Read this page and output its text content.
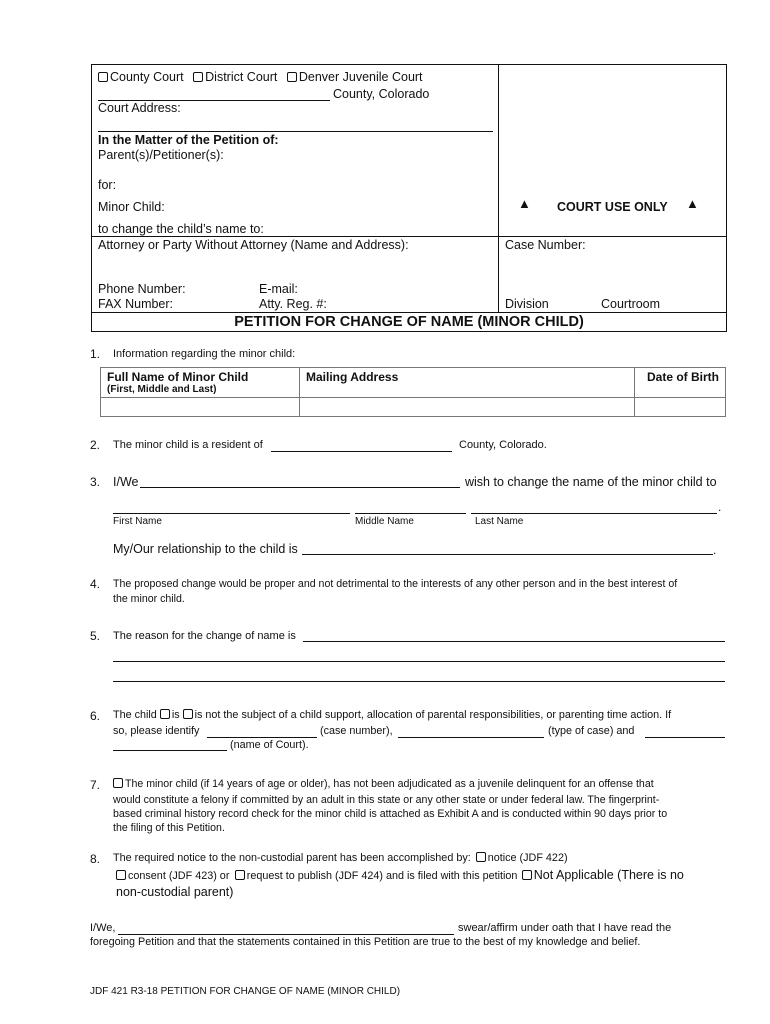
County Court District Court Denver Juvenile Court
County, Colorado
Court Address:
In the Matter of the Petition of:
Parent(s)/Petitioner(s):
for:
Minor Child:
to change the child’s name to:
Attorney or Party Without Attorney (Name and Address):
Phone Number:	E-mail:
FAX Number:	Atty. Reg. #:
▲ COURT USE ONLY ▲
Case Number:
Division	Courtroom
PETITION FOR CHANGE OF NAME (MINOR CHILD)
1. Information regarding the minor child:
Full Name of Minor Child
(First, Middle and Last)	Mailing Address	Date of Birth

2. The minor child is a resident of	County, Colorado.
3. I/We	wish to change the name of the minor child to
.
First Name	Middle Name	Last Name
My/Our relationship to the child is	.
4. The proposed change would be proper and not detrimental to the interests of any other person and in the best interest of
the minor child.
5. The reason for the change of name is
6. The child is is not the subject of a child support, allocation of parental responsibilities, or parenting time action. If
so, please identify	(case number),	(type of case) and
(name of Court).
7.	The minor child (if 14 years of age or older), has not been adjudicated as a juvenile delinquent for an offense that
would constitute a felony if committed by an adult in this state or any other state or under federal law. The fingerprint-
based criminal history record check for the minor child is attached as Exhibit A and is conducted within 90 days prior to
the filing of this Petition.
8. The required notice to the non-custodial parent has been accomplished by: notice (JDF 422)
consent (JDF 423) or request to publish (JDF 424) and is filed with this petition Not Applicable (There is no
non-custodial parent)
I/We,	swear/affirm under oath that I have read the
foregoing Petition and that the statements contained in this Petition are true to the best of my knowledge and belief.
JDF 421 R3-18 PETITION FOR CHANGE OF NAME (MINOR CHILD)
